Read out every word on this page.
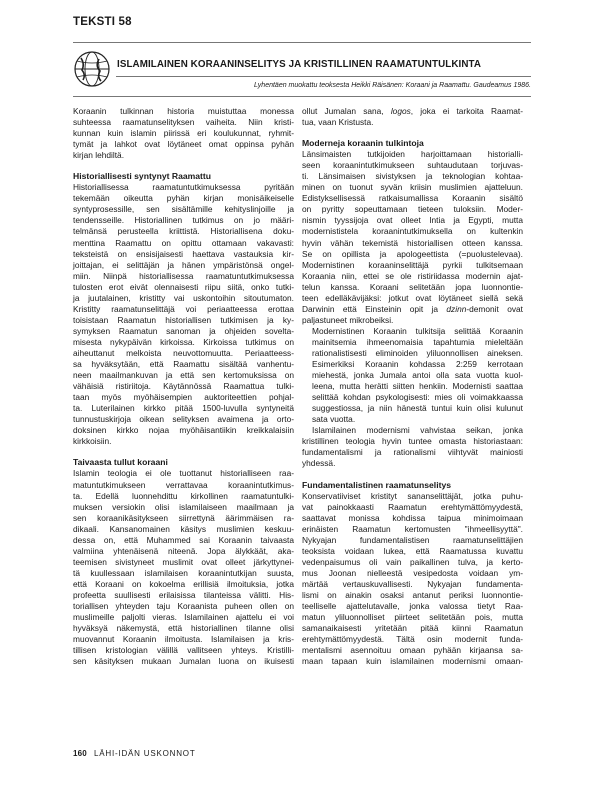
TEKSTI 58
ISLAMILAINEN KORAANINSELITYS JA KRISTILLINEN RAAMATUNTULKINTA
Lyhentäen muokattu teoksesta Heikki Räisänen: Koraani ja Raamattu. Gaudeamus 1986.
Koraanin tulkinnan historia muistuttaa monessa
suhteessa raamatunselityksen vaiheita. Niin kristi-
kunnan kuin islamin piirissä eri koulukunnat, ryhmit-
tymät ja lahkot ovat löytäneet omat oppinsa pyhän
kirjan lehdiltä.
Historiallisesti syntynyt Raamattu
Historiallisessa raamatuntutkimuksessa pyritään
tekemään oikeutta pyhän kirjan monisäikeiselle
syntyprosessille, sen sisältämille kehityslinjoille ja
tendensseille. Historiallinen tutkimus on jo määri-
telmänsä perusteella kriittistä. Historiallisena doku-
menttina Raamattu on opittu ottamaan vakavasti:
teksteistä on ensisijaisesti haettava vastauksia kir-
joittajan, ei selittäjän ja hänen ympäristönsä ongel-
miin. Niinpä historiallisessa raamatuntutkimuksessa
tulosten erot eivät olennaisesti riipu siitä, onko tutki-
ja juutalainen, kristitty vai uskontoihin sitoutumaton.
Kristitty raamatunselittäjä voi periaatteessa erottaa
toisistaan Raamatun historiallisen tutkimisen ja ky-
symyksen Raamatun sanoman ja ohjeiden sovelta-
misesta nykypäivän kirkoissa. Kirkoissa tutkimus on
aiheuttanut melkoista neuvottomuutta. Periaatteess-
sa hyväksytään, että Raamattu sisältää vanhentu-
neen maailmankuvan ja että sen kertomuksissa on
vähäisiä ristiriitoja. Käytännössä Raamattua tulki-
taan myös myöhäisempien auktoriteettien pohjal-
ta. Luterilainen kirkko pitää 1500-luvulla syntyneitä
tunnustuskirjoja oikean selityksen avaimena ja orto-
doksinen kirkko nojaa myöhäisantiikin kreikkalaisiin
kirkkoisiin.
Taivaasta tullut koraani
Islamin teologia ei ole tuottanut historialliseen raa-
matuntutkimukseen verrattavaa koraanintutkimus-
ta. Edellä luonnehdittu kirkollinen raamatuntulki-
muksen versiokin olisi islamilaiseen maailmaan ja
sen koraanikäsitykseen siirrettynä äärimmäisen ra-
dikaali. Kansanomainen käsitys muslimien keskuu-
dessa on, että Muhammed sai Koraanin taivaasta
valmiina yhtenäisenä niteenä. Jopa älykkäät, aka-
teemisen sivistyneet muslimit ovat olleet järkyttynei-
tä kuullessaan islamilaisen koraanintutkijan suusta,
että Koraani on kokoelma erillisiä ilmoituksia, jotka
profeetta suullisesti erilaisissa tilanteissa välitti. His-
toriallisen yhteyden taju Koraanista puheen ollen on
muslimeille paljolti vieras. Islamilainen ajattelu ei voi
hyväksyä näkemystä, että historiallinen tilanne olisi
muovannut Koraanin ilmoitusta. Islamilaisen ja kris-
tillisen kristologian välillä vallitseen yhteys. Kristilli-
sen käsityksen mukaan Jumalan luona on ikuisesti
ollut Jumalan sana, logos, joka ei tarkoita Raamat-
tua, vaan Kristusta.
Moderneja koraanin tulkintoja
Länsimaisten tutkijoiden harjoittamaan historialli-
seen koraanintutkimukseen suhtaudutaan torjuvas-
ti. Länsimaisen sivistyksen ja teknologian kohtaa-
minen on tuonut syvän kriisin muslimien ajatteluun.
Edistyksellisessä ratkaisumallissa Koraanin sisältö
on pyritty sopeuttamaan tieteen tuloksiin. Moder-
nismin tyyssijoja ovat olleet Intia ja Egypti, mutta
modernististela koraanintutkimuksella on kultenkin
hyvin vähän tekemistä historiallisen otteen kanssa.
Se on opillista ja apologeettista (=puolustelevaa).
Modernistinen koraaninselittäjä pyrkii tulkitsemaan
Koraania niin, ettei se ole ristiriidassa modernin ajat-
telun kanssa. Koraani selitetään jopa luonnontie-
teen edelläkävijäksi: jotkut ovat löytäneet siellä sekä
Darwinin että Einsteinin opit ja dzinn-demonit ovat
paljastuneet mikrobeiksi.
Modernistinen Koraanin tulkitsija selittää Koraanin
mainitsemia ihmeenomaisia tapahtumia mieleltään
rationalistisesti eliminoiden yliluonnollisen aineksen.
Esimerkiksi Koraanin kohdassa 2:259 kerrotaan
miehestä, jonka Jumala antoi olla sata vuotta kuol-
leena, mutta herätti siitten henkiin. Modernisti saattaa
selittää kohdan psykologisesti: mies oli voimakkaassa
suggestiossa, ja niin hänestä tuntui kuin olisi kulunut
sata vuotta.
Islamilainen modernismi vahvistaa seikan, jonka
kristillinen teologia hyvin tuntee omasta historiastaan:
fundamentalismi ja rationalismi viihtyvät mainiosti
yhdessä.
Fundamentalistinen raamatunselitys
Konservatiiviset kristityt sananselittäjät, jotka puhu-
vat painokkaasti Raamatun erehtymättömyydestä,
saattavat monissa kohdissa taipua minimoimaan
erinäisten Raamatun kertomusten "ihmeellisyyttä".
Nykyajan fundamentalistisen raamatunselittäjien
teoksista voidaan lukea, että Raamatussa kuvattu
vedenpaisumus oli vain paikallinen tulva, ja kerto-
mus Joonan nielleestä vesipedosta voidaan ym-
märtää vertauskuvallisesti. Nykyajan fundamenta-
lismi on ainakin osaksi antanut periksi luonnontie-
teelliselle ajattelutavalle, jonka valossa tietyt Raa-
matun yliluonnolliset piirteet selitetään pois, mutta
samanaikaisesti yritetään pitää kiinni Raamatun
erehtymättömyydestä. Tältä osin modernit funda-
mentalismi asennoituu omaan pyhään kirjaansa sa-
maan tapaan kuin islamilainen modernismi omaan-
160 LÄHI-IDÄN USKONNOT
